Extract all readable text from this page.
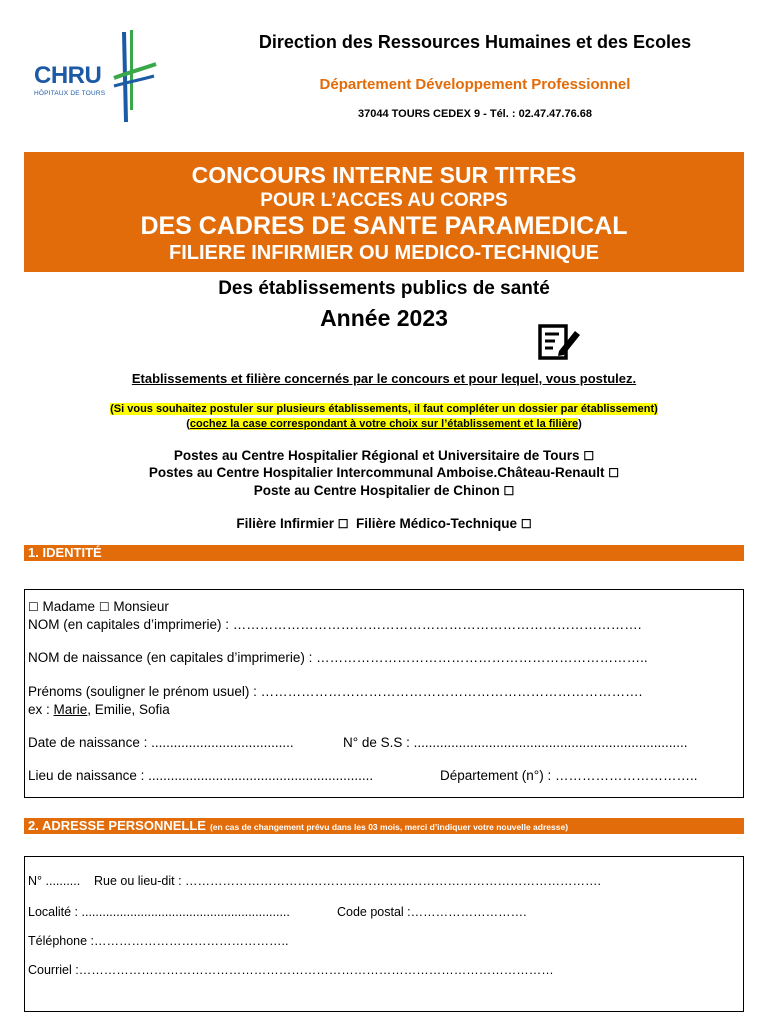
CHRU
HÔPITAUX DE TOURS
Direction des Ressources Humaines et des Ecoles
Département Développement Professionnel
37044 TOURS CEDEX 9 - Tél. : 02.47.47.76.68
CONCOURS INTERNE SUR TITRES
POUR L’ACCES AU CORPS
DES CADRES DE SANTE PARAMEDICAL
FILIERE INFIRMIER OU MEDICO-TECHNIQUE
Des établissements publics de santé
Année 2023
Etablissements et filière concernés par le concours et pour lequel, vous postulez.
(Si vous souhaitez postuler sur plusieurs établissements, il faut compléter un dossier par établissement)
(cochez la case correspondant à votre choix sur l’établissement et la filière)
Postes au Centre Hospitalier Régional et Universitaire de Tours ☐
Postes au Centre Hospitalier Intercommunal Amboise.Château-Renault ☐
Poste au Centre Hospitalier de Chinon ☐
Filière Infirmier ☐ Filière Médico-Technique ☐
1. IDENTITÉ
☐ Madame ☐ Monsieur
NOM (en capitales d’imprimerie) : ……………………………………………………………………………….
NOM de naissance (en capitales d’imprimerie) : ………………………………………………………………..
Prénoms (souligner le prénom usuel) : ………………………………………………………………………….
ex : Marie, Emilie, Sofia
Date de naissance : ......................................	N° de S.S : .........................................................................
Lieu de naissance : ............................................................	Département (n°) : …………………………..
2. ADRESSE PERSONNELLE (en cas de changement prévu dans les 03 mois, merci d’indiquer votre nouvelle adresse)
N° .......... Rue ou lieu-dit : ……………………………………………………………………………………….
Localité : ............................................................	Code postal :……………………….
Téléphone :………………………………………..
Courriel :……………………………………………………………………………………………………
